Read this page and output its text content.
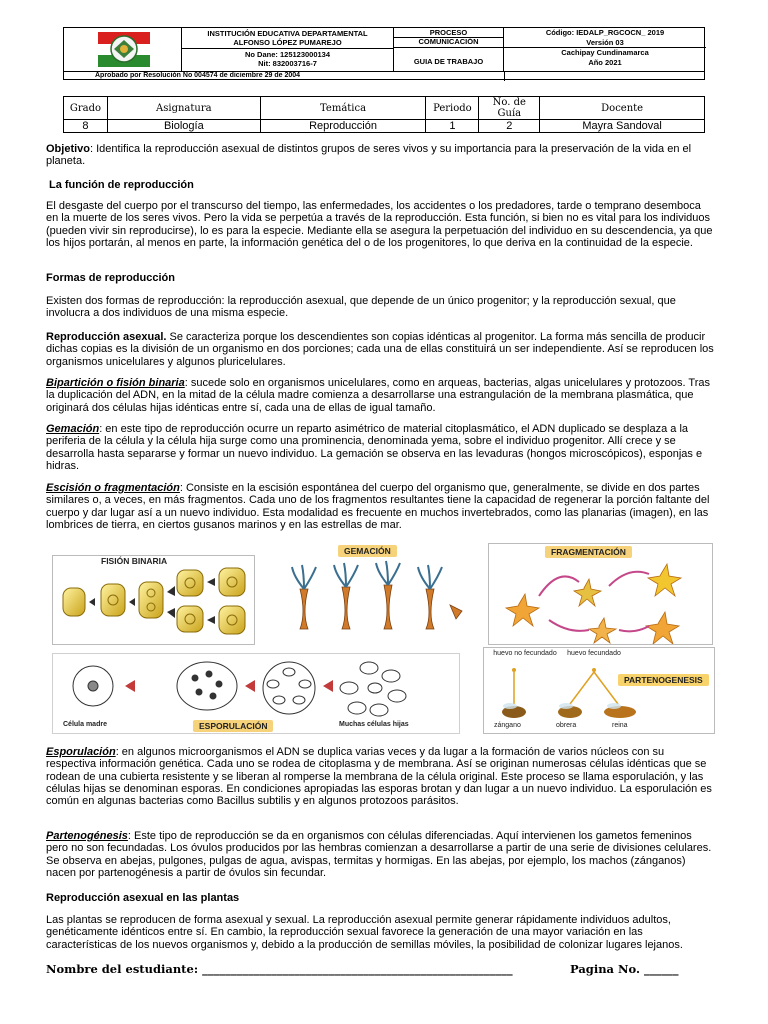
INSTITUCIÓN EDUCATIVA DEPARTAMENTAL
ALFONSO LÓPEZ PUMAREJO
No Dane: 125123000134
Nit: 832003716-7
PROCESO
COMUNICACIÓN
GUIA DE TRABAJO
Código: IEDALP_RGCOCN_ 2019
Versión 03
Cachipay Cundinamarca
Año 2021
Aprobado por Resolución No 004574 de diciembre 29 de 2004
Grado	Asignatura	Temática	Periodo	No. de Guía	Docente
8	Biología	Reproducción	1	2	Mayra Sandoval

Objetivo: Identifica la reproducción asexual de distintos grupos de seres vivos y su importancia para la preservación de la vida en el planeta.

La función de reproducción

El desgaste del cuerpo por el transcurso del tiempo, las enfermedades, los accidentes o los predadores, tarde o temprano desemboca en la muerte de los seres vivos. Pero la vida se perpetúa a través de la reproducción. Esta función, si bien no es vital para los individuos (pueden vivir sin reproducirse), lo es para la especie. Mediante ella se asegura la perpetuación del individuo en su descendencia, ya que los hijos portarán, al menos en parte, la información genética del o de los progenitores, lo que deriva en la continuidad de la especie.

Formas de reproducción

Existen dos formas de reproducción: la reproducción asexual, que depende de un único progenitor; y la reproducción sexual, que involucra a dos individuos de una misma especie.

Reproducción asexual. Se caracteriza porque los descendientes son copias idénticas al progenitor. La forma más sencilla de producir dichas copias es la división de un organismo en dos porciones; cada una de ellas constituirá un ser independiente. Así se reproducen los organismos unicelulares y algunos pluricelulares.

Bipartición o fisión binaria: sucede solo en organismos unicelulares, como en arqueas, bacterias, algas unicelulares y protozoos. Tras la duplicación del ADN, en la mitad de la célula madre comienza a desarrollarse una estrangulación de la membrana plasmática, que originará dos células hijas idénticas entre sí, cada una de ellas de igual tamaño.

Gemación: en este tipo de reproducción ocurre un reparto asimétrico de material citoplasmático, el ADN duplicado se desplaza a la periferia de la célula y la célula hija surge como una prominencia, denominada yema, sobre el individuo progenitor. Allí crece y se desarrolla hasta separarse y formar un nuevo individuo. La gemación se observa en las levaduras (hongos microscópicos), esponjas e hidras.

Escisión o fragmentación: Consiste en la escisión espontánea del cuerpo del organismo que, generalmente, se divide en dos partes similares o, a veces, en más fragmentos. Cada uno de los fragmentos resultantes tiene la capacidad de regenerar la porción faltante del cuerpo y dar lugar así a un nuevo individuo. Esta modalidad es frecuente en muchos invertebrados, como las planarias (imagen), en las lombrices de tierra, en ciertos gusanos marinos y en las estrellas de mar.

FISIÓN BINARIA
GEMACIÓN	FRAGMENTACIÓN
Célula madre	ESPORULACIÓN	Muchas células hijas
huevo no fecundado	huevo fecundado
PARTENOGENESIS
zángano	obrera	reina

Esporulación: en algunos microorganismos el ADN se duplica varias veces y da lugar a la formación de varios núcleos con su respectiva información genética. Cada uno se rodea de citoplasma y de membrana. Así se originan numerosas células idénticas que se rodean de una cubierta resistente y se liberan al romperse la membrana de la célula original. Este proceso se llama esporulación, y las células hijas se denominan esporas. En condiciones apropiadas las esporas brotan y dan lugar a un nuevo individuo. La esporulación es común en algunas bacterias como Bacillus subtilis y en algunos protozoos parásitos.

Partenogénesis: Este tipo de reproducción se da en organismos con células diferenciadas. Aquí intervienen los gametos femeninos pero no son fecundadas. Los óvulos producidos por las hembras comienzan a desarrollarse a partir de una serie de divisiones celulares. Se observa en abejas, pulgones, pulgas de agua, avispas, termitas y hormigas. En las abejas, por ejemplo, los machos (zánganos) nacen por partenogénesis a partir de óvulos sin fecundar.

Reproducción asexual en las plantas

Las plantas se reproducen de forma asexual y sexual. La reproducción asexual permite generar rápidamente individuos adultos, genéticamente idénticos entre sí. En cambio, la reproducción sexual favorece la generación de una mayor variación en las características de los nuevos organismos y, debido a la producción de semillas móviles, la posibilidad de colonizar lugares lejanos.

Nombre del estudiante: ______________________________________________________	Pagina No. ______
